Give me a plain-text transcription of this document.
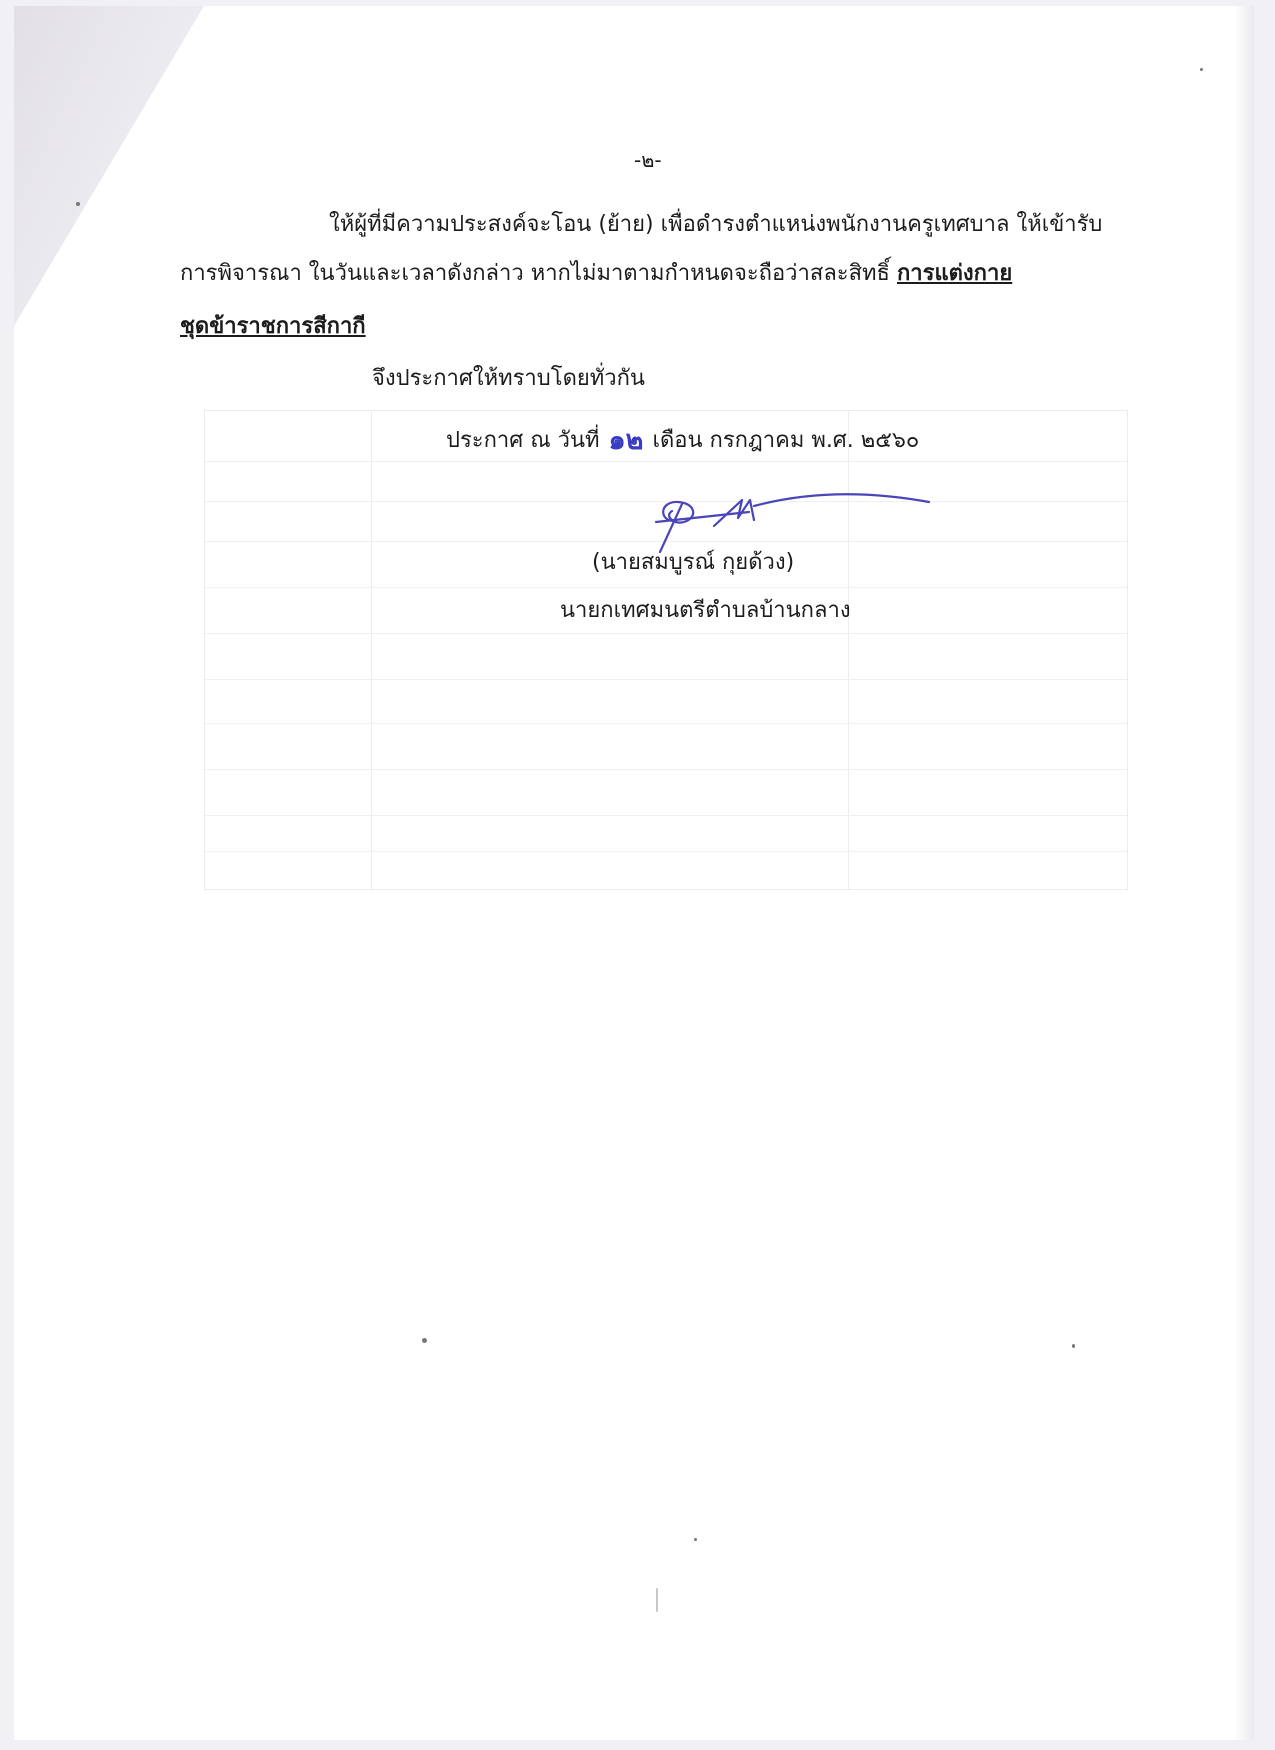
-๒-
ให้ผู้ที่มีความประสงค์จะโอน (ย้าย) เพื่อดำรงตำแหน่งพนักงานครูเทศบาล ให้เข้ารับ
การพิจารณา ในวันและเวลาดังกล่าว หากไม่มาตามกำหนดจะถือว่าสละสิทธิ์ การแต่งกาย
ชุดข้าราชการสีกากี
จึงประกาศให้ทราบโดยทั่วกัน
ประกาศ ณ วันที่ ๑๒ เดือน กรกฎาคม พ.ศ. ๒๕๖๐
(นายสมบูรณ์ กุยด้วง)
นายกเทศมนตรีตำบลบ้านกลาง
